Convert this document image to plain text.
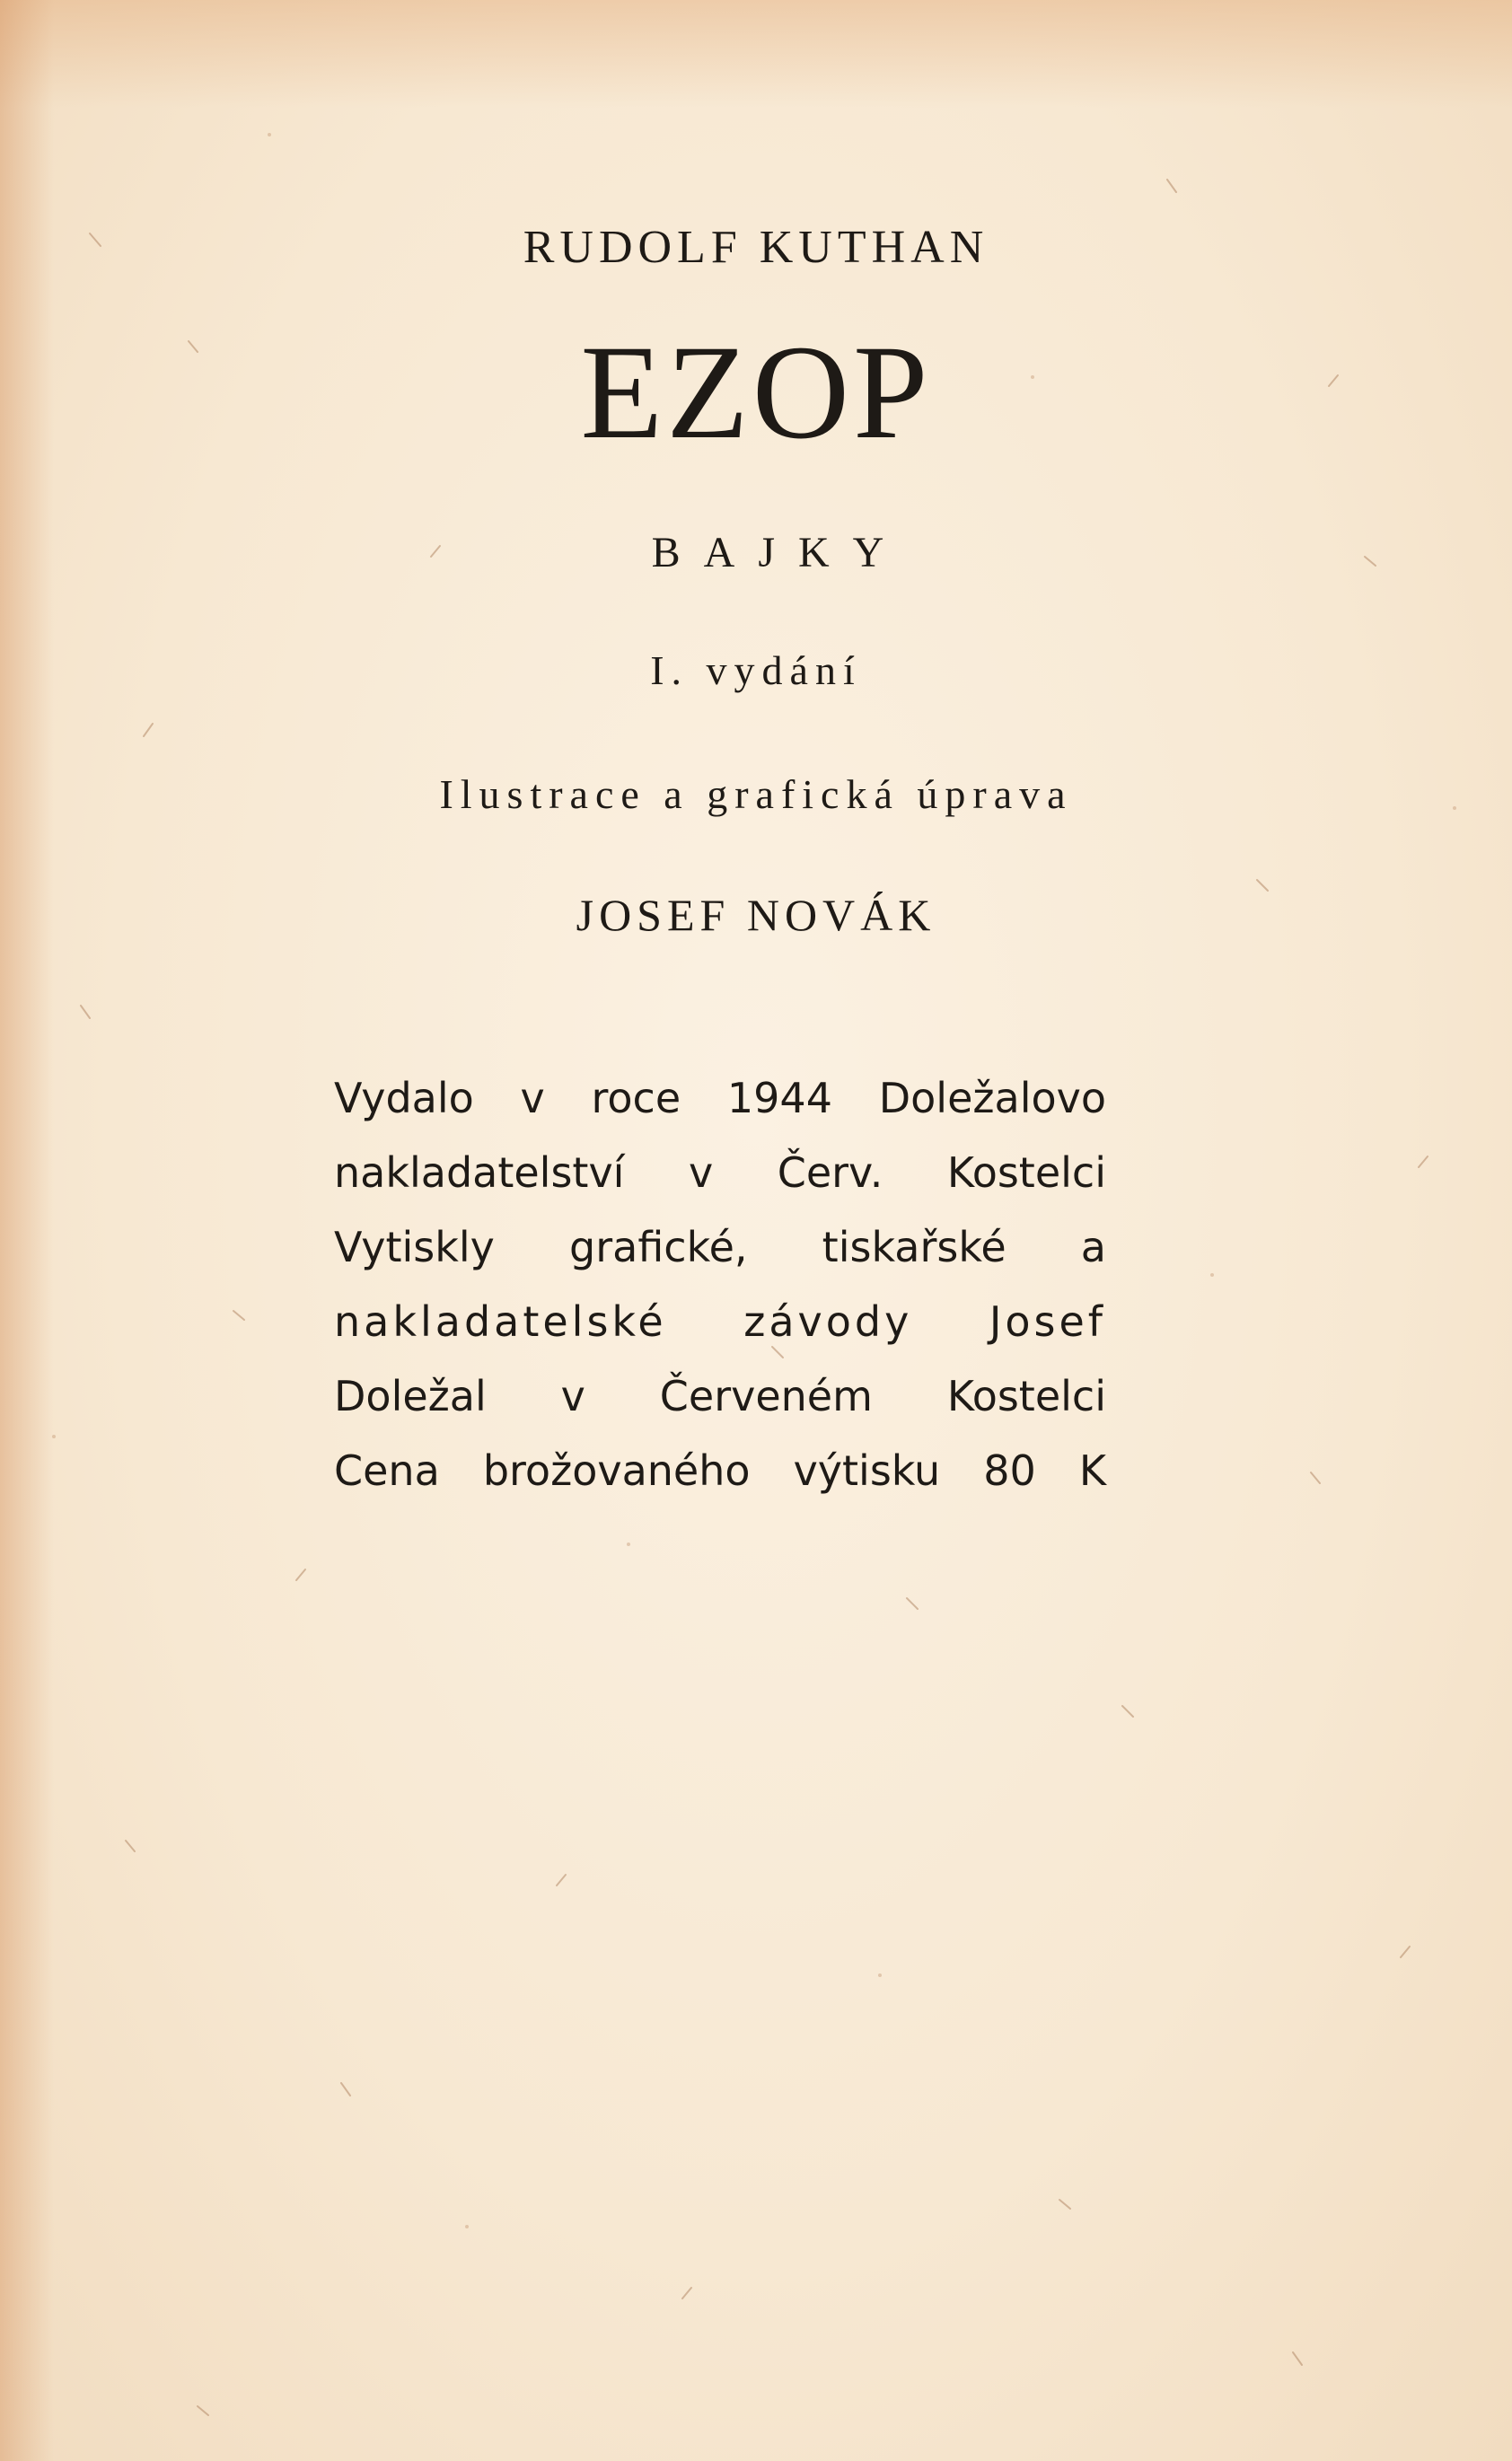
RUDOLF KUTHAN
EZOP
BAJKY
I. vydání
Ilustrace a grafická úprava
JOSEF NOVÁK
Vydalo v roce 1944 Doležalovo
nakladatelství v Červ. Kostelci
Vytiskly grafické, tiskařské a
nakladatelské závody Josef
Doležal v Červeném Kostelci
Cena brožovaného výtisku 80 K
